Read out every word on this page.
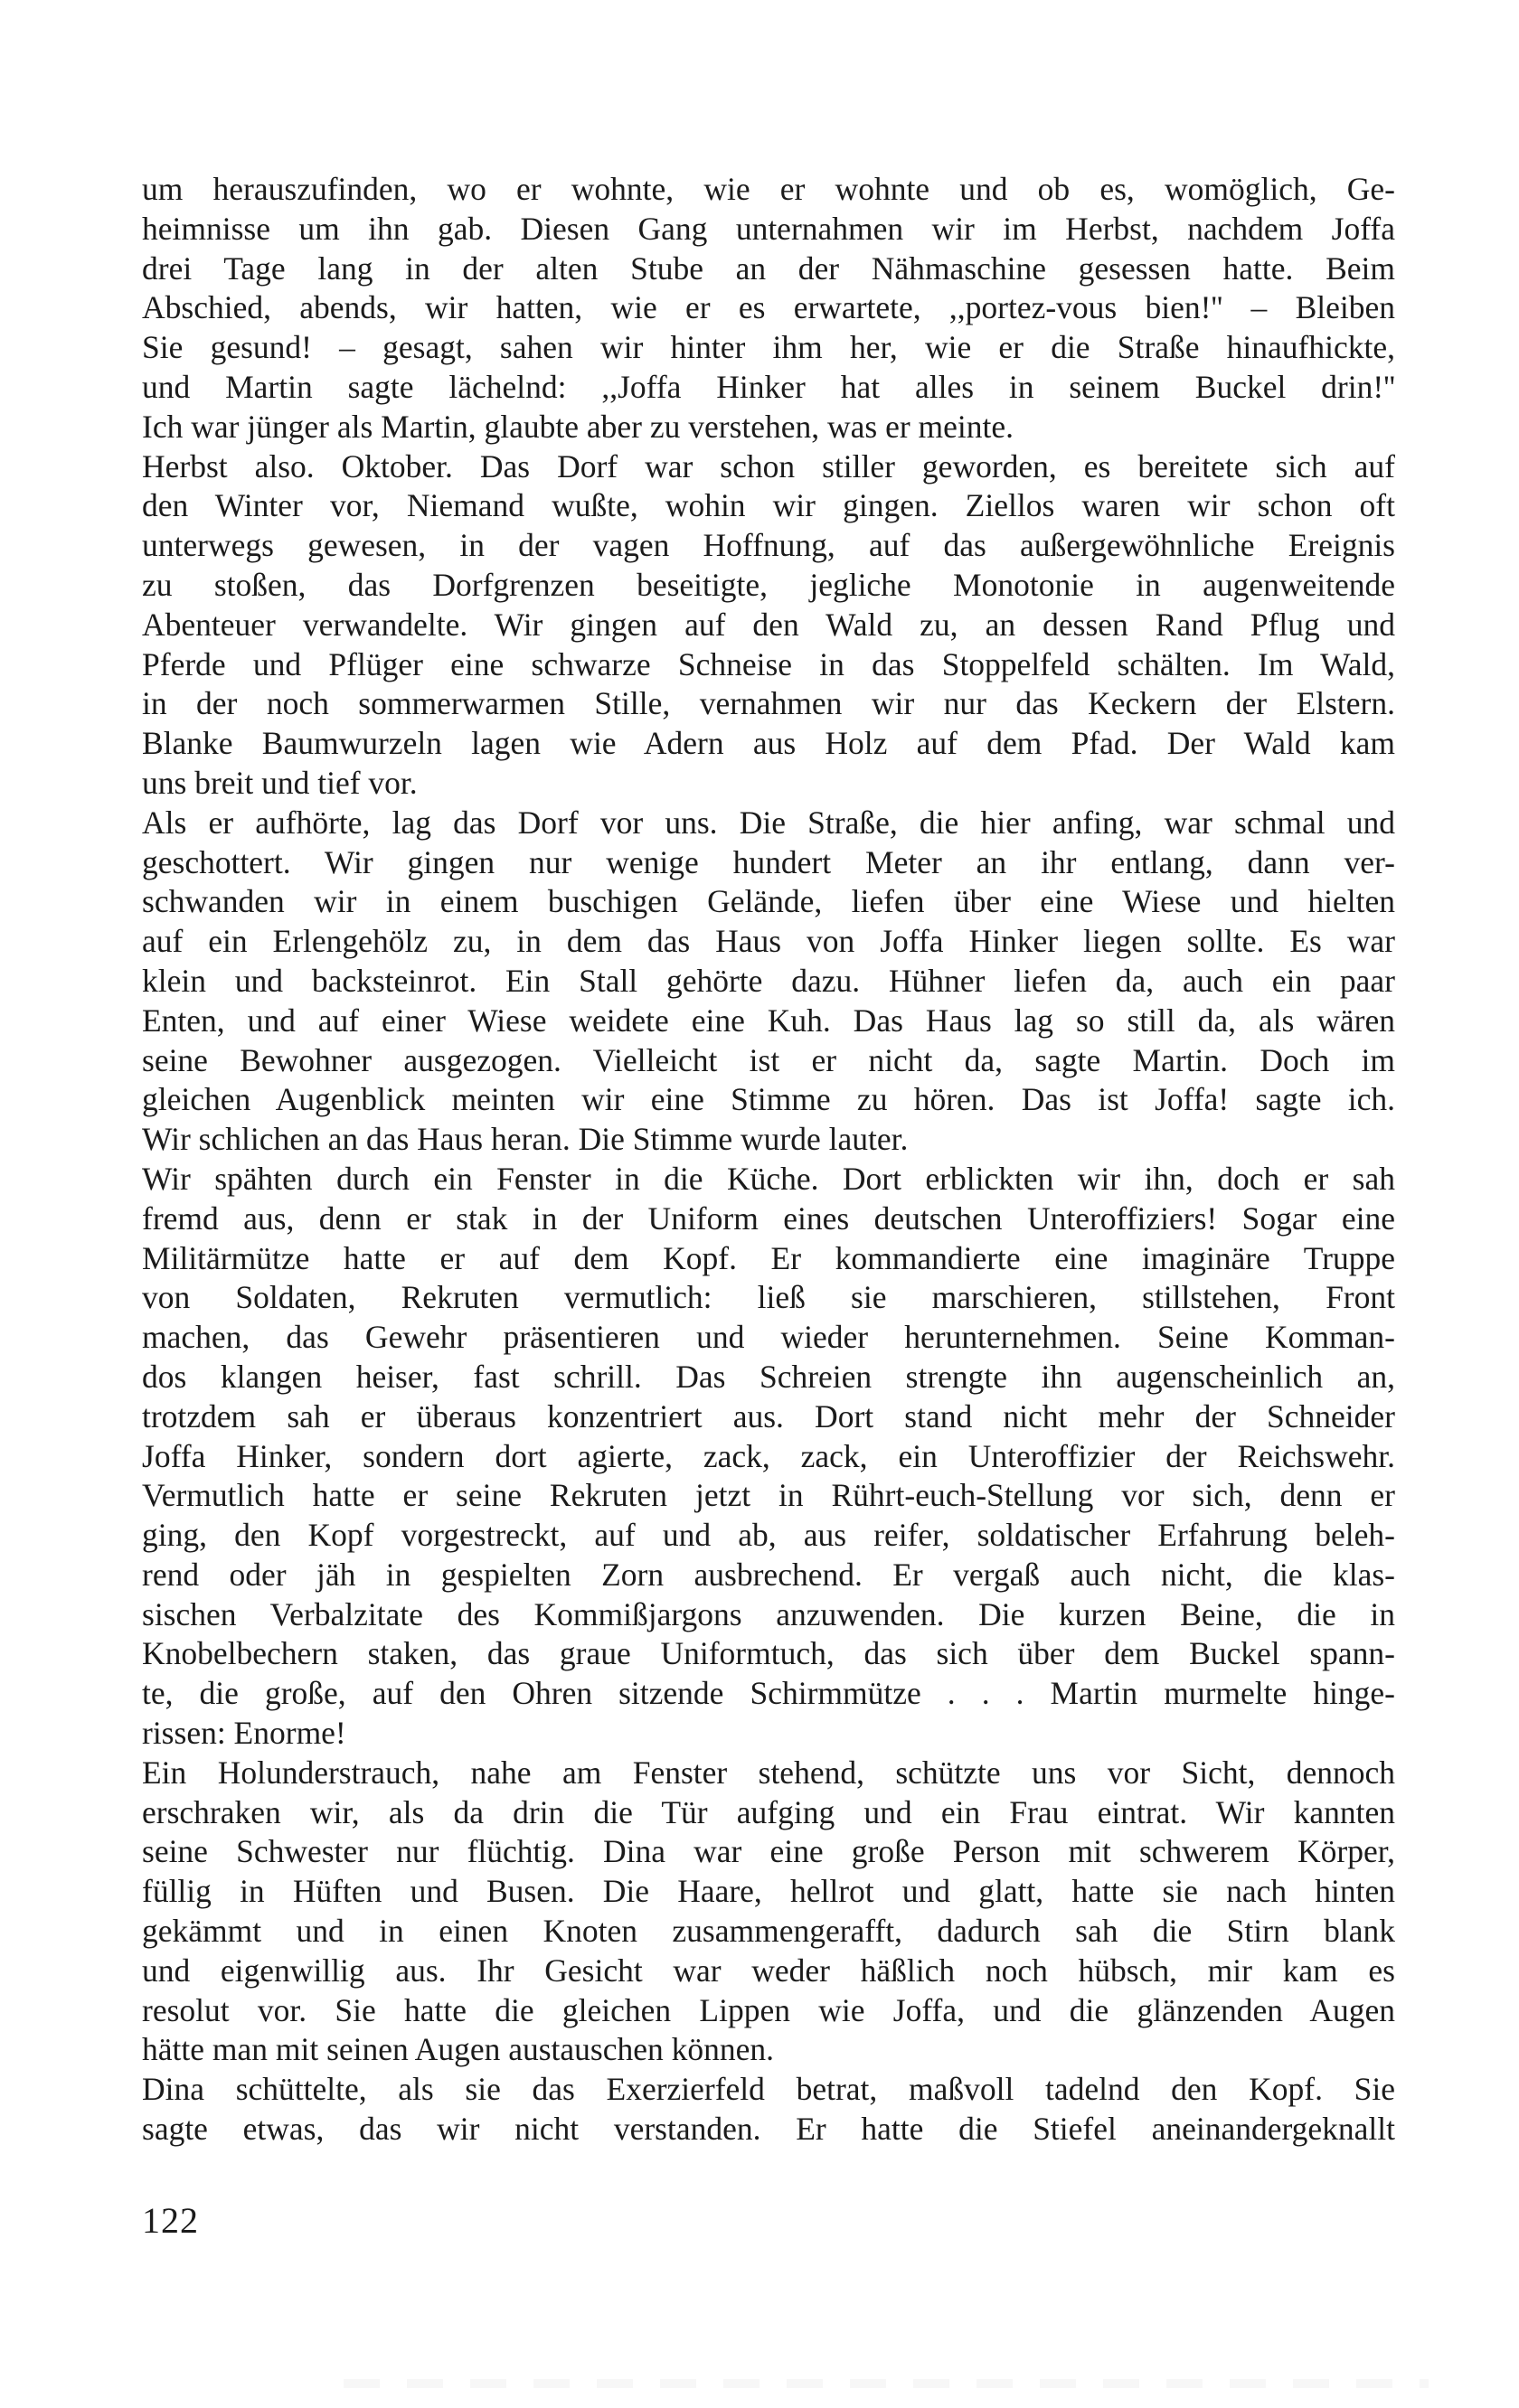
um herauszufinden, wo er wohnte, wie er wohnte und ob es, womöglich, Ge-
heimnisse um ihn gab. Diesen Gang unternahmen wir im Herbst, nachdem Joffa
drei Tage lang in der alten Stube an der Nähmaschine gesessen hatte. Beim
Abschied, abends, wir hatten, wie er es erwartete, ,,portez-vous bien!'' – Bleiben
Sie gesund! – gesagt, sahen wir hinter ihm her, wie er die Straße hinaufhickte,
und Martin sagte lächelnd: ,,Joffa Hinker hat alles in seinem Buckel drin!''
Ich war jünger als Martin, glaubte aber zu verstehen, was er meinte.

Herbst also. Oktober. Das Dorf war schon stiller geworden, es bereitete sich auf
den Winter vor, Niemand wußte, wohin wir gingen. Ziellos waren wir schon oft
unterwegs gewesen, in der vagen Hoffnung, auf das außergewöhnliche Ereignis
zu stoßen, das Dorfgrenzen beseitigte, jegliche Monotonie in augenweitende
Abenteuer verwandelte. Wir gingen auf den Wald zu, an dessen Rand Pflug und
Pferde und Pflüger eine schwarze Schneise in das Stoppelfeld schälten. Im Wald,
in der noch sommerwarmen Stille, vernahmen wir nur das Keckern der Elstern.
Blanke Baumwurzeln lagen wie Adern aus Holz auf dem Pfad. Der Wald kam
uns breit und tief vor.

Als er aufhörte, lag das Dorf vor uns. Die Straße, die hier anfing, war schmal und
geschottert. Wir gingen nur wenige hundert Meter an ihr entlang, dann ver-
schwanden wir in einem buschigen Gelände, liefen über eine Wiese und hielten
auf ein Erlengehölz zu, in dem das Haus von Joffa Hinker liegen sollte. Es war
klein und backsteinrot. Ein Stall gehörte dazu. Hühner liefen da, auch ein paar
Enten, und auf einer Wiese weidete eine Kuh. Das Haus lag so still da, als wären
seine Bewohner ausgezogen. Vielleicht ist er nicht da, sagte Martin. Doch im
gleichen Augenblick meinten wir eine Stimme zu hören. Das ist Joffa! sagte ich.
Wir schlichen an das Haus heran. Die Stimme wurde lauter.

Wir spähten durch ein Fenster in die Küche. Dort erblickten wir ihn, doch er sah
fremd aus, denn er stak in der Uniform eines deutschen Unteroffiziers! Sogar eine
Militärmütze hatte er auf dem Kopf. Er kommandierte eine imaginäre Truppe
von Soldaten, Rekruten vermutlich: ließ sie marschieren, stillstehen, Front
machen, das Gewehr präsentieren und wieder herunternehmen. Seine Komman-
dos klangen heiser, fast schrill. Das Schreien strengte ihn augenscheinlich an,
trotzdem sah er überaus konzentriert aus. Dort stand nicht mehr der Schneider
Joffa Hinker, sondern dort agierte, zack, zack, ein Unteroffizier der Reichswehr.
Vermutlich hatte er seine Rekruten jetzt in Rührt-euch-Stellung vor sich, denn er
ging, den Kopf vorgestreckt, auf und ab, aus reifer, soldatischer Erfahrung beleh-
rend oder jäh in gespielten Zorn ausbrechend. Er vergaß auch nicht, die klas-
sischen Verbalzitate des Kommißjargons anzuwenden. Die kurzen Beine, die in
Knobelbechern staken, das graue Uniformtuch, das sich über dem Buckel spann-
te, die große, auf den Ohren sitzende Schirmmütze . . . Martin murmelte hinge-
rissen: Enorme!

Ein Holunderstrauch, nahe am Fenster stehend, schützte uns vor Sicht, dennoch
erschraken wir, als da drin die Tür aufging und ein Frau eintrat. Wir kannten
seine Schwester nur flüchtig. Dina war eine große Person mit schwerem Körper,
füllig in Hüften und Busen. Die Haare, hellrot und glatt, hatte sie nach hinten
gekämmt und in einen Knoten zusammengerafft, dadurch sah die Stirn blank
und eigenwillig aus. Ihr Gesicht war weder häßlich noch hübsch, mir kam es
resolut vor. Sie hatte die gleichen Lippen wie Joffa, und die glänzenden Augen
hätte man mit seinen Augen austauschen können.

Dina schüttelte, als sie das Exerzierfeld betrat, maßvoll tadelnd den Kopf. Sie
sagte etwas, das wir nicht verstanden. Er hatte die Stiefel aneinandergeknallt

122
